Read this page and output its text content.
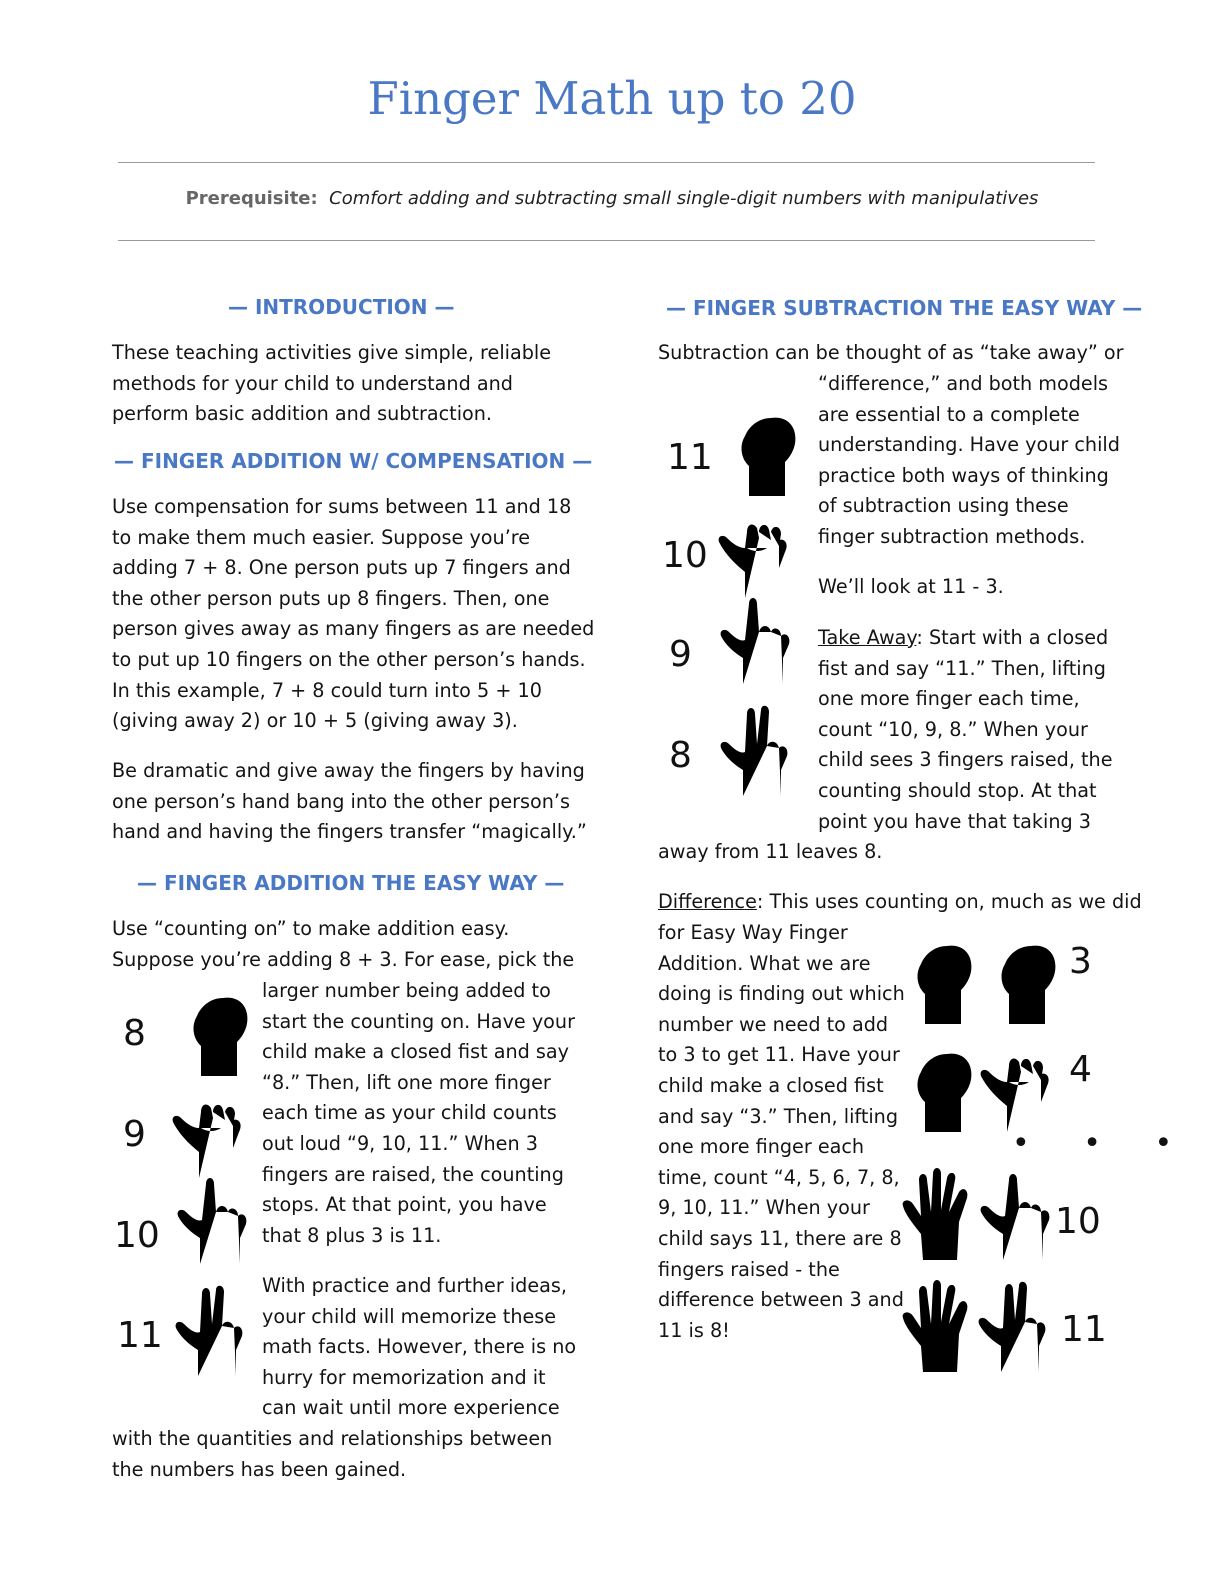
Finger Math up to 20
Prerequisite: Comfort adding and subtracting small single-digit numbers with manipulatives
— INTRODUCTION —
These teaching activities give simple, reliable
methods for your child to understand and
perform basic addition and subtraction.
— FINGER ADDITION W/ COMPENSATION —
Use compensation for sums between 11 and 18
to make them much easier. Suppose you’re
adding 7 + 8. One person puts up 7 fingers and
the other person puts up 8 fingers. Then, one
person gives away as many fingers as are needed
to put up 10 fingers on the other person’s hands.
In this example, 7 + 8 could turn into 5 + 10
(giving away 2) or 10 + 5 (giving away 3).
Be dramatic and give away the fingers by having
one person’s hand bang into the other person’s
hand and having the fingers transfer “magically.”
— FINGER ADDITION THE EASY WAY —
Use “counting on” to make addition easy.
Suppose you’re adding 8 + 3. For ease, pick the
larger number being added to
start the counting on. Have your
child make a closed fist and say
“8.” Then, lift one more finger
each time as your child counts
out loud “9, 10, 11.” When 3
fingers are raised, the counting
stops. At that point, you have
that 8 plus 3 is 11.
With practice and further ideas,
your child will memorize these
math facts. However, there is no
hurry for memorization and it
can wait until more experience
with the quantities and relationships between
the numbers has been gained.
8
9
10
11
— FINGER SUBTRACTION THE EASY WAY —
Subtraction can be thought of as “take away” or
“difference,” and both models
are essential to a complete
understanding. Have your child
practice both ways of thinking
of subtraction using these
finger subtraction methods.
We’ll look at 11 - 3.
Take Away: Start with a closed
fist and say “11.” Then, lifting
one more finger each time,
count “10, 9, 8.” When your
child sees 3 fingers raised, the
counting should stop. At that
point you have that taking 3
away from 11 leaves 8.
11
10
9
8
Difference: This uses counting on, much as we did
for Easy Way Finger
Addition. What we are
doing is finding out which
number we need to add
to 3 to get 11. Have your
child make a closed fist
and say “3.” Then, lifting
one more finger each
time, count “4, 5, 6, 7, 8,
9, 10, 11.” When your
child says 11, there are 8
fingers raised - the
difference between 3 and
11 is 8!
3
4
• • •
10
11
